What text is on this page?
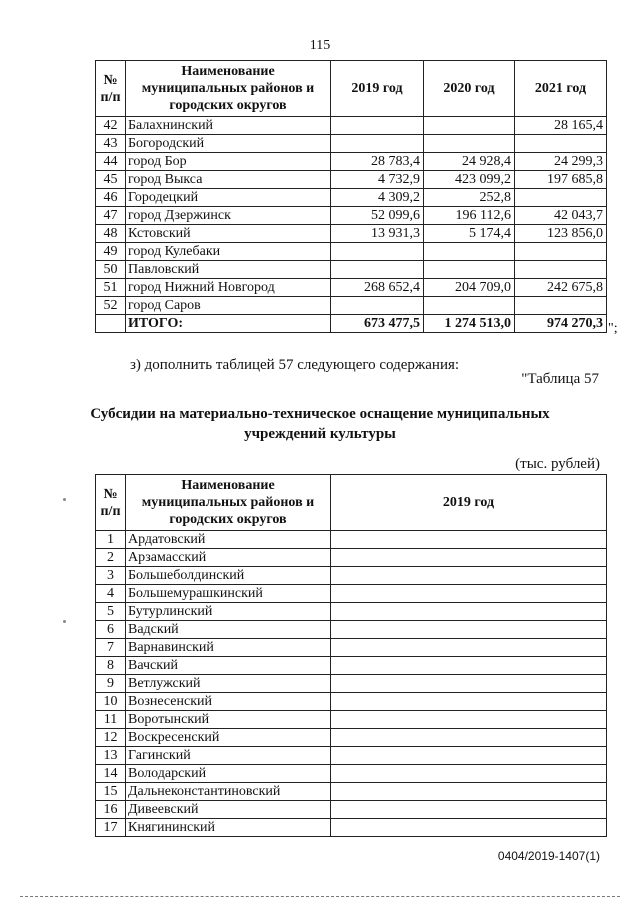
115
№ п/п	Наименование муниципальных районов и городских округов	2019 год	2020 год	2021 год
42	Балахнинский			28 165,4
43	Богородский			
44	город Бор	28 783,4	24 928,4	24 299,3
45	город Выкса	4 732,9	423 099,2	197 685,8
46	Городецкий	4 309,2	252,8	
47	город Дзержинск	52 099,6	196 112,6	42 043,7
48	Кстовский	13 931,3	5 174,4	123 856,0
49	город Кулебаки			
50	Павловский			
51	город Нижний Новгород	268 652,4	204 709,0	242 675,8
52	город Саров			
	ИТОГО:	673 477,5	1 274 513,0	974 270,3 ";
з) дополнить таблицей 57 следующего содержания:
"Таблица 57
Субсидии на материально-техническое оснащение муниципальных
учреждений культуры
(тыс. рублей)
№ п/п	Наименование муниципальных районов и городских округов	2019 год
1	Ардатовский	
2	Арзамасский	
3	Большеболдинский	
4	Большемурашкинский	
5	Бутурлинский	
6	Вадский	
7	Варнавинский	
8	Вачский	
9	Ветлужский	
10	Вознесенский	
11	Воротынский	
12	Воскресенский	
13	Гагинский	
14	Володарский	
15	Дальнеконстантиновский	
16	Дивеевский	
17	Княгининский	
0404/2019-1407(1)
